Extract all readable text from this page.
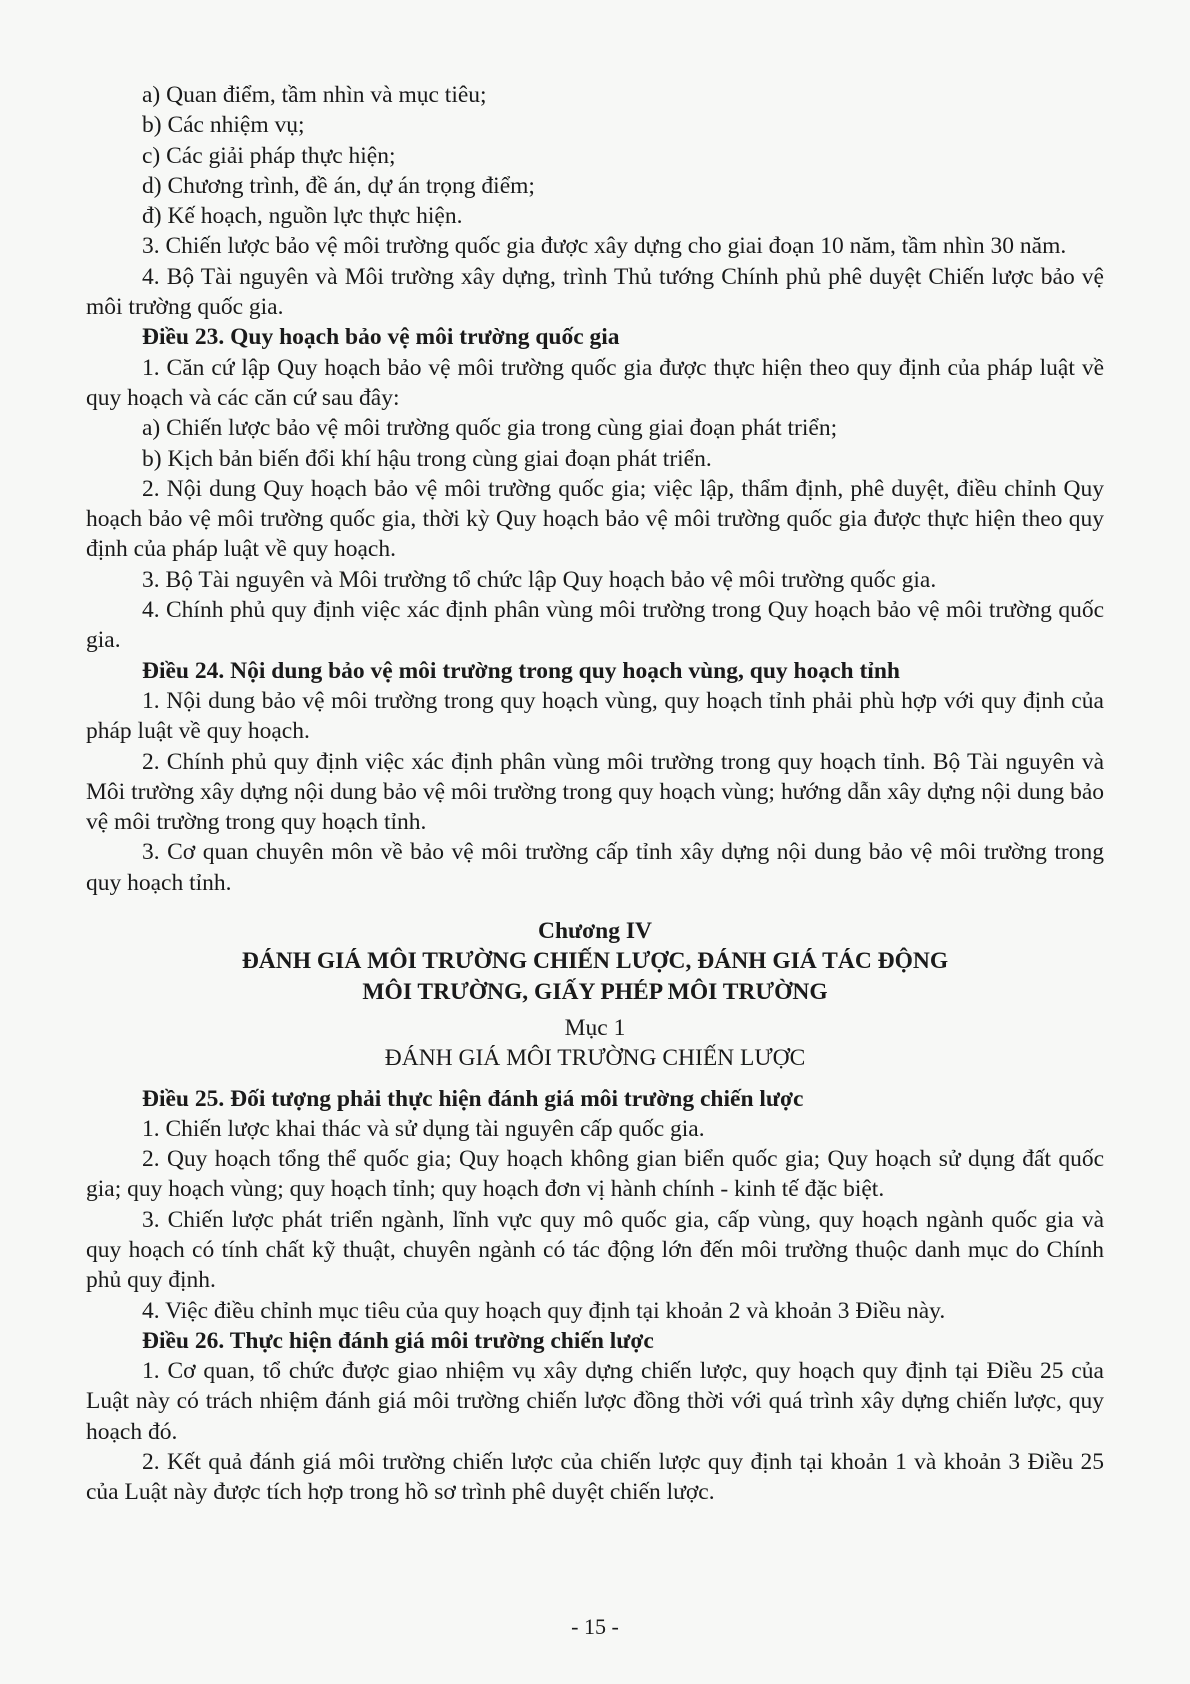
a) Quan điểm, tầm nhìn và mục tiêu;

b) Các nhiệm vụ;

c) Các giải pháp thực hiện;

d) Chương trình, đề án, dự án trọng điểm;

đ) Kế hoạch, nguồn lực thực hiện.

3. Chiến lược bảo vệ môi trường quốc gia được xây dựng cho giai đoạn 10 năm, tầm nhìn 30 năm.

4. Bộ Tài nguyên và Môi trường xây dựng, trình Thủ tướng Chính phủ phê duyệt Chiến lược bảo vệ môi trường quốc gia.

Điều 23. Quy hoạch bảo vệ môi trường quốc gia

1. Căn cứ lập Quy hoạch bảo vệ môi trường quốc gia được thực hiện theo quy định của pháp luật về quy hoạch và các căn cứ sau đây:

a) Chiến lược bảo vệ môi trường quốc gia trong cùng giai đoạn phát triển;

b) Kịch bản biến đổi khí hậu trong cùng giai đoạn phát triển.

2. Nội dung Quy hoạch bảo vệ môi trường quốc gia; việc lập, thẩm định, phê duyệt, điều chỉnh Quy hoạch bảo vệ môi trường quốc gia, thời kỳ Quy hoạch bảo vệ môi trường quốc gia được thực hiện theo quy định của pháp luật về quy hoạch.

3. Bộ Tài nguyên và Môi trường tổ chức lập Quy hoạch bảo vệ môi trường quốc gia.

4. Chính phủ quy định việc xác định phân vùng môi trường trong Quy hoạch bảo vệ môi trường quốc gia.

Điều 24. Nội dung bảo vệ môi trường trong quy hoạch vùng, quy hoạch tỉnh

1. Nội dung bảo vệ môi trường trong quy hoạch vùng, quy hoạch tỉnh phải phù hợp với quy định của pháp luật về quy hoạch.

2. Chính phủ quy định việc xác định phân vùng môi trường trong quy hoạch tỉnh. Bộ Tài nguyên và Môi trường xây dựng nội dung bảo vệ môi trường trong quy hoạch vùng; hướng dẫn xây dựng nội dung bảo vệ môi trường trong quy hoạch tỉnh.

3. Cơ quan chuyên môn về bảo vệ môi trường cấp tỉnh xây dựng nội dung bảo vệ môi trường trong quy hoạch tỉnh.

Chương IV

ĐÁNH GIÁ MÔI TRƯỜNG CHIẾN LƯỢC, ĐÁNH GIÁ TÁC ĐỘNG

MÔI TRƯỜNG, GIẤY PHÉP MÔI TRƯỜNG

Mục 1

ĐÁNH GIÁ MÔI TRƯỜNG CHIẾN LƯỢC

Điều 25. Đối tượng phải thực hiện đánh giá môi trường chiến lược

1. Chiến lược khai thác và sử dụng tài nguyên cấp quốc gia.

2. Quy hoạch tổng thể quốc gia; Quy hoạch không gian biển quốc gia; Quy hoạch sử dụng đất quốc gia; quy hoạch vùng; quy hoạch tỉnh; quy hoạch đơn vị hành chính - kinh tế đặc biệt.

3. Chiến lược phát triển ngành, lĩnh vực quy mô quốc gia, cấp vùng, quy hoạch ngành quốc gia và quy hoạch có tính chất kỹ thuật, chuyên ngành có tác động lớn đến môi trường thuộc danh mục do Chính phủ quy định.

4. Việc điều chỉnh mục tiêu của quy hoạch quy định tại khoản 2 và khoản 3 Điều này.

Điều 26. Thực hiện đánh giá môi trường chiến lược

1. Cơ quan, tổ chức được giao nhiệm vụ xây dựng chiến lược, quy hoạch quy định tại Điều 25 của Luật này có trách nhiệm đánh giá môi trường chiến lược đồng thời với quá trình xây dựng chiến lược, quy hoạch đó.

2. Kết quả đánh giá môi trường chiến lược của chiến lược quy định tại khoản 1 và khoản 3 Điều 25 của Luật này được tích hợp trong hồ sơ trình phê duyệt chiến lược.

- 15 -
